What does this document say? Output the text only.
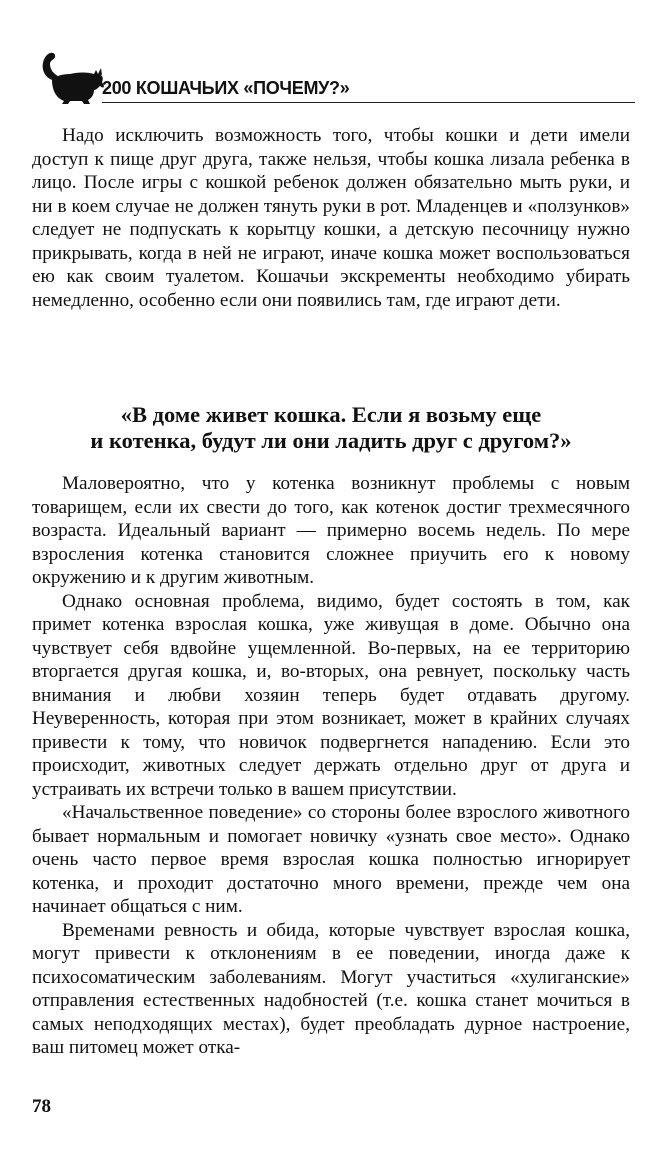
200 КОШАЧЬИХ «ПОЧЕМУ?»

Надо исключить возможность того, чтобы кошки и дети имели доступ к пище друг друга, также нельзя, чтобы кошка лизала ребенка в лицо. После игры с кошкой ребенок должен обязательно мыть руки, и ни в коем случае не должен тянуть руки в рот. Младенцев и «ползунков» следует не подпускать к корытцу кошки, а детскую песочницу нужно прикрывать, когда в ней не играют, иначе кошка может воспользоваться ею как своим туалетом. Кошачьи экскременты необходимо убирать немедленно, особенно если они появились там, где играют дети.

«В доме живет кошка. Если я возьму еще
и котенка, будут ли они ладить друг с другом?»

Маловероятно, что у котенка возникнут проблемы с новым товарищем, если их свести до того, как котенок достиг трехмесячного возраста. Идеальный вариант — примерно восемь недель. По мере взросления котенка становится сложнее приучить его к новому окружению и к другим животным.

Однако основная проблема, видимо, будет состоять в том, как примет котенка взрослая кошка, уже живущая в доме. Обычно она чувствует себя вдвойне ущемленной. Во-первых, на ее территорию вторгается другая кошка, и, во-вторых, она ревнует, поскольку часть внимания и любви хозяин теперь будет отдавать другому. Неуверенность, которая при этом возникает, может в крайних случаях привести к тому, что новичок подвергнется нападению. Если это происходит, животных следует держать отдельно друг от друга и устраивать их встречи только в вашем присутствии.

«Начальственное поведение» со стороны более взрослого животного бывает нормальным и помогает новичку «узнать свое место». Однако очень часто первое время взрослая кошка полностью игнорирует котенка, и проходит достаточно много времени, прежде чем она начинает общаться с ним.

Временами ревность и обида, которые чувствует взрослая кошка, могут привести к отклонениям в ее поведении, иногда даже к психосоматическим заболеваниям. Могут участиться «хулиганские» отправления естественных надобностей (т.е. кошка станет мочиться в самых неподходящих местах), будет преобладать дурное настроение, ваш питомец может отка-

78
